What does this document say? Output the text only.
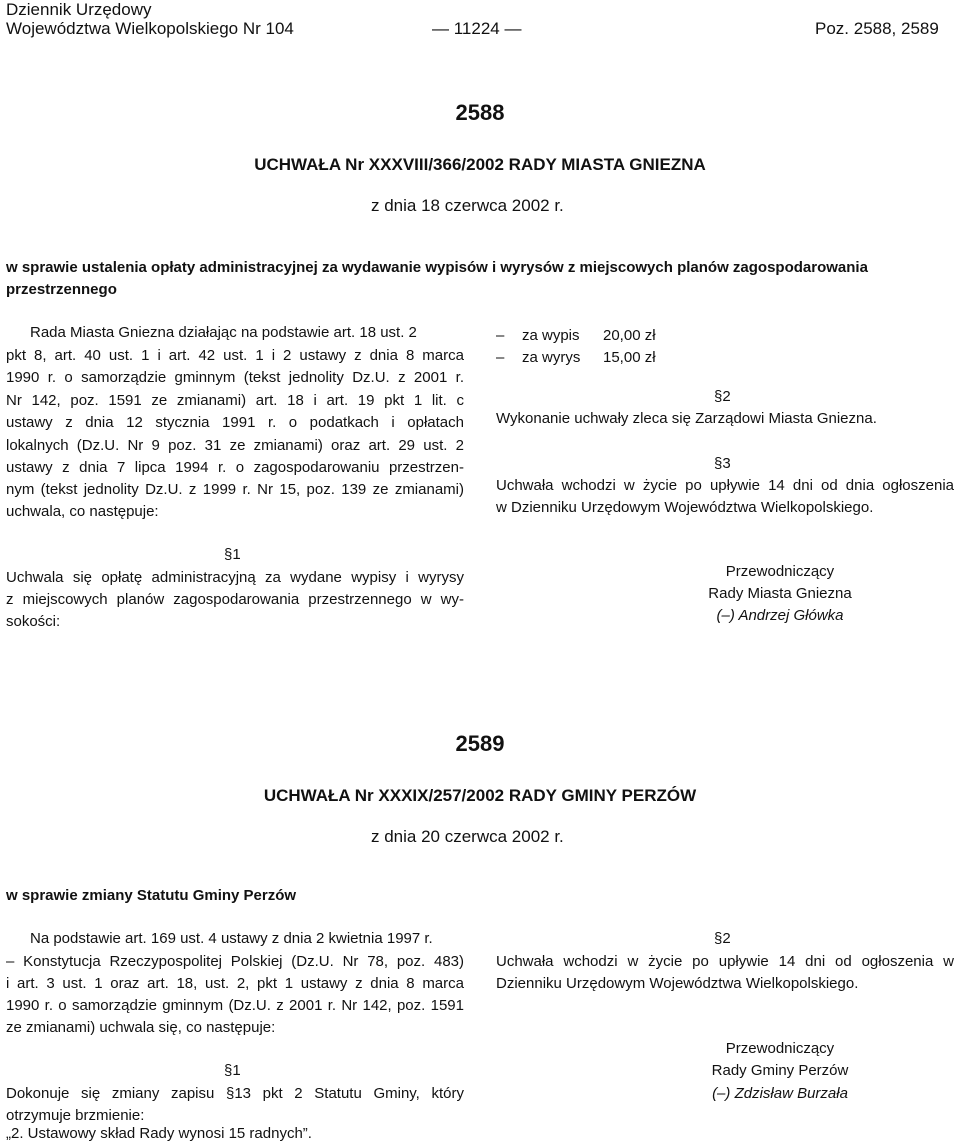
Dziennik Urzędowy
Województwa Wielkopolskiego Nr 104	— 11224 —	Poz. 2588, 2589
2588
UCHWAŁA Nr XXXVIII/366/2002 RADY MIASTA GNIEZNA
z dnia 18 czerwca 2002 r.
w sprawie ustalenia opłaty administracyjnej za wydawanie wypisów i wyrysów z miejscowych planów zagospodarowania
przestrzennego
Rada Miasta Gniezna działając na podstawie art. 18 ust. 2
pkt 8, art. 40 ust. 1 i art. 42 ust. 1 i 2 ustawy z dnia 8 marca
1990 r. o samorządzie gminnym (tekst jednolity Dz.U. z 2001 r.
Nr 142, poz. 1591 ze zmianami) art. 18 i art. 19 pkt 1 lit. c
ustawy z dnia 12 stycznia 1991 r. o podatkach i opłatach
lokalnych (Dz.U. Nr 9 poz. 31 ze zmianami) oraz art. 29 ust. 2
ustawy z dnia 7 lipca 1994 r. o zagospodarowaniu przestrzen-
nym (tekst jednolity Dz.U. z 1999 r. Nr 15, poz. 139 ze zmianami)
uchwala, co następuje:
§1
Uchwala się opłatę administracyjną za wydane wypisy i wyrysy
z miejscowych planów zagospodarowania przestrzennego w wy-
sokości:
– za wypis 20,00 zł
– za wyrys 15,00 zł
§2
Wykonanie uchwały zleca się Zarządowi Miasta Gniezna.
§3
Uchwała wchodzi w życie po upływie 14 dni od dnia ogłoszenia
w Dzienniku Urzędowym Województwa Wielkopolskiego.
Przewodniczący
Rady Miasta Gniezna
(–) Andrzej Główka
2589
UCHWAŁA Nr XXXIX/257/2002 RADY GMINY PERZÓW
z dnia 20 czerwca 2002 r.
w sprawie zmiany Statutu Gminy Perzów
Na podstawie art. 169 ust. 4 ustawy z dnia 2 kwietnia 1997 r.
– Konstytucja Rzeczypospolitej Polskiej (Dz.U. Nr 78, poz. 483)
i art. 3 ust. 1 oraz art. 18, ust. 2, pkt 1 ustawy z dnia 8 marca
1990 r. o samorządzie gminnym (Dz.U. z 2001 r. Nr 142, poz. 1591
ze zmianami) uchwala się, co następuje:
§1
Dokonuje się zmiany zapisu §13 pkt 2 Statutu Gminy, który
otrzymuje brzmienie:
„2. Ustawowy skład Rady wynosi 15 radnych”.
§2
Uchwała wchodzi w życie po upływie 14 dni od ogłoszenia w
Dzienniku Urzędowym Województwa Wielkopolskiego.
Przewodniczący
Rady Gminy Perzów
(–) Zdzisław Burzała
